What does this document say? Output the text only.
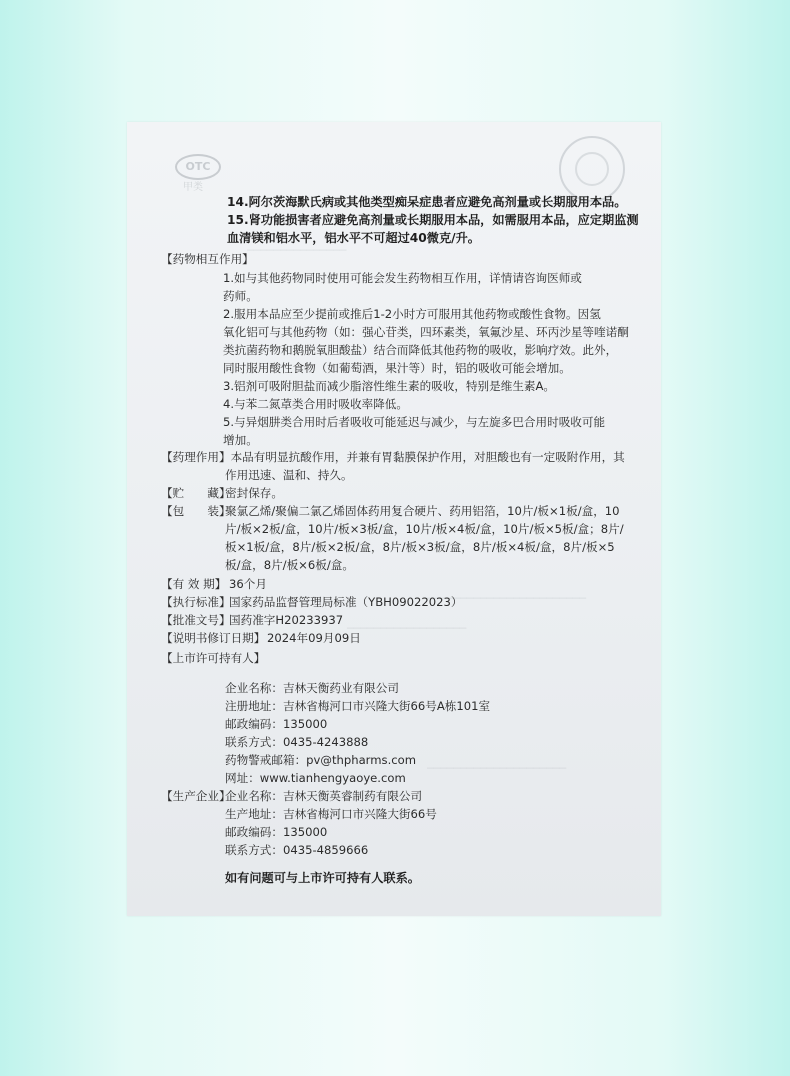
OTC
甲类
───────────────
────────────────────────
──────────────────
─────────────────────
14.阿尔茨海默氏病或其他类型痴呆症患者应避免高剂量或长期服用本品。
15.肾功能损害者应避免高剂量或长期服用本品，如需服用本品，应定期监测
血清镁和铝水平，铝水平不可超过40微克/升。
【药物相互作用】
1.如与其他药物同时使用可能会发生药物相互作用，详情请咨询医师或
药师。
2.服用本品应至少提前或推后1-2小时方可服用其他药物或酸性食物。因氢
氧化铝可与其他药物（如：强心苷类，四环素类，氧氟沙星、环丙沙星等喹诺酮
类抗菌药物和鹅脱氧胆酸盐）结合而降低其他药物的吸收，影响疗效。此外，
同时服用酸性食物（如葡萄酒，果汁等）时，铝的吸收可能会增加。
3.铝剂可吸附胆盐而减少脂溶性维生素的吸收，特别是维生素A。
4.与苯二氮䓬类合用时吸收率降低。
5.与异烟肼类合用时后者吸收可能延迟与减少，与左旋多巴合用时吸收可能
增加。
【药理作用】本品有明显抗酸作用，并兼有胃黏膜保护作用，对胆酸也有一定吸附作用，其
作用迅速、温和、持久。
【贮　　藏】
密封保存。
【包　　装】
聚氯乙烯/聚偏二氯乙烯固体药用复合硬片、药用铝箔，10片/板×1板/盒，10
片/板×2板/盒，10片/板×3板/盒，10片/板×4板/盒，10片/板×5板/盒；8片/
板×1板/盒，8片/板×2板/盒，8片/板×3板/盒，8片/板×4板/盒，8片/板×5
板/盒，8片/板×6板/盒。
【有 效 期】 36个月
【执行标准】
国家药品监督管理局标准（YBH09022023）
【批准文号】
国药准字H20233937
【说明书修订日期】 2024年09月09日
【上市许可持有人】
企业名称：吉林天衡药业有限公司
注册地址：吉林省梅河口市兴隆大街66号A栋101室
邮政编码：135000
联系方式：0435-4243888
药物警戒邮箱：pv@thpharms.com
网址：www.tianhengyaoye.com
【生产企业】
企业名称：吉林天衡英睿制药有限公司
生产地址：吉林省梅河口市兴隆大街66号
邮政编码：135000
联系方式：0435-4859666
如有问题可与上市许可持有人联系。
